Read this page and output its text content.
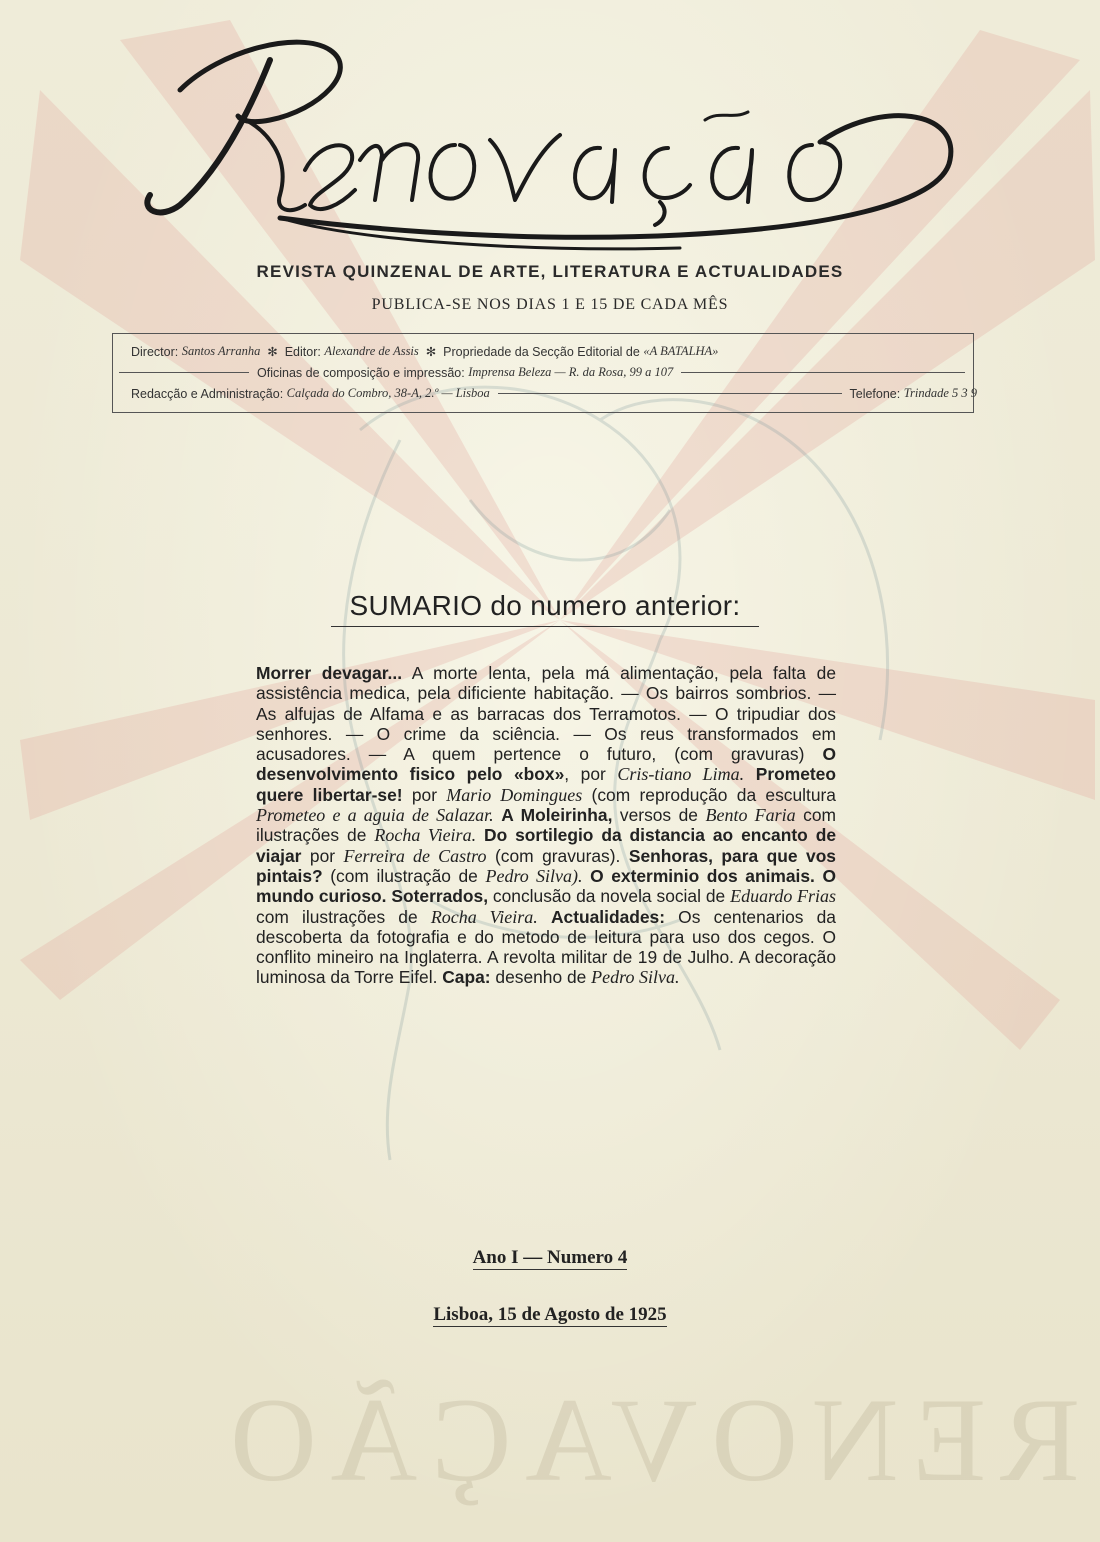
REVISTA QUINZENAL DE ARTE, LITERATURA E ACTUALIDADES
PUBLICA-SE NOS DIAS 1 E 15 DE CADA MÊS
Director:
Santos Arranha
✻
Editor:
Alexandre de Assis
✻
Propriedade da Secção Editorial de
«A BATALHA»
Oficinas de composição e impressão:
Imprensa Beleza — R. da Rosa, 99 a 107
Redacção e Administração:
Calçada do Combro, 38-A, 2.º — Lisboa	Telefone:
Trindade 5 3 9
SUMARIO do numero anterior:
Morrer devagar... A morte lenta, pela má alimentação, pela falta de assistência medica, pela dificiente habitação. — Os bairros sombrios. — As alfujas de Alfama e as barracas dos Terramotos. — O tripudiar dos senhores. — O crime da sciência. — Os reus transformados em acusadores. — A quem pertence o futuro, (com gravuras) O desenvolvimento fisico pelo «box», por Cris-tiano Lima. Prometeo quere libertar-se! por Mario Domingues (com reprodução da escultura Prometeo e a aguia de Salazar. A Moleirinha, versos de Bento Faria com ilustrações de Rocha Vieira. Do sortilegio da distancia ao encanto de viajar por Ferreira de Castro (com gravuras). Senhoras, para que vos pintais? (com ilustração de Pedro Silva). O exterminio dos animais. O mundo curioso. Soterrados, conclusão da novela social de Eduardo Frias com ilustrações de Rocha Vieira. Actualidades: Os centenarios da descoberta da fotografia e do metodo de leitura para uso dos cegos. O conflito mineiro na Inglaterra. A revolta militar de 19 de Julho. A decoração luminosa da Torre Eifel. Capa: desenho de Pedro Silva.
Ano I — Numero 4
Lisboa, 15 de Agosto de 1925
RENOVAÇÃO
